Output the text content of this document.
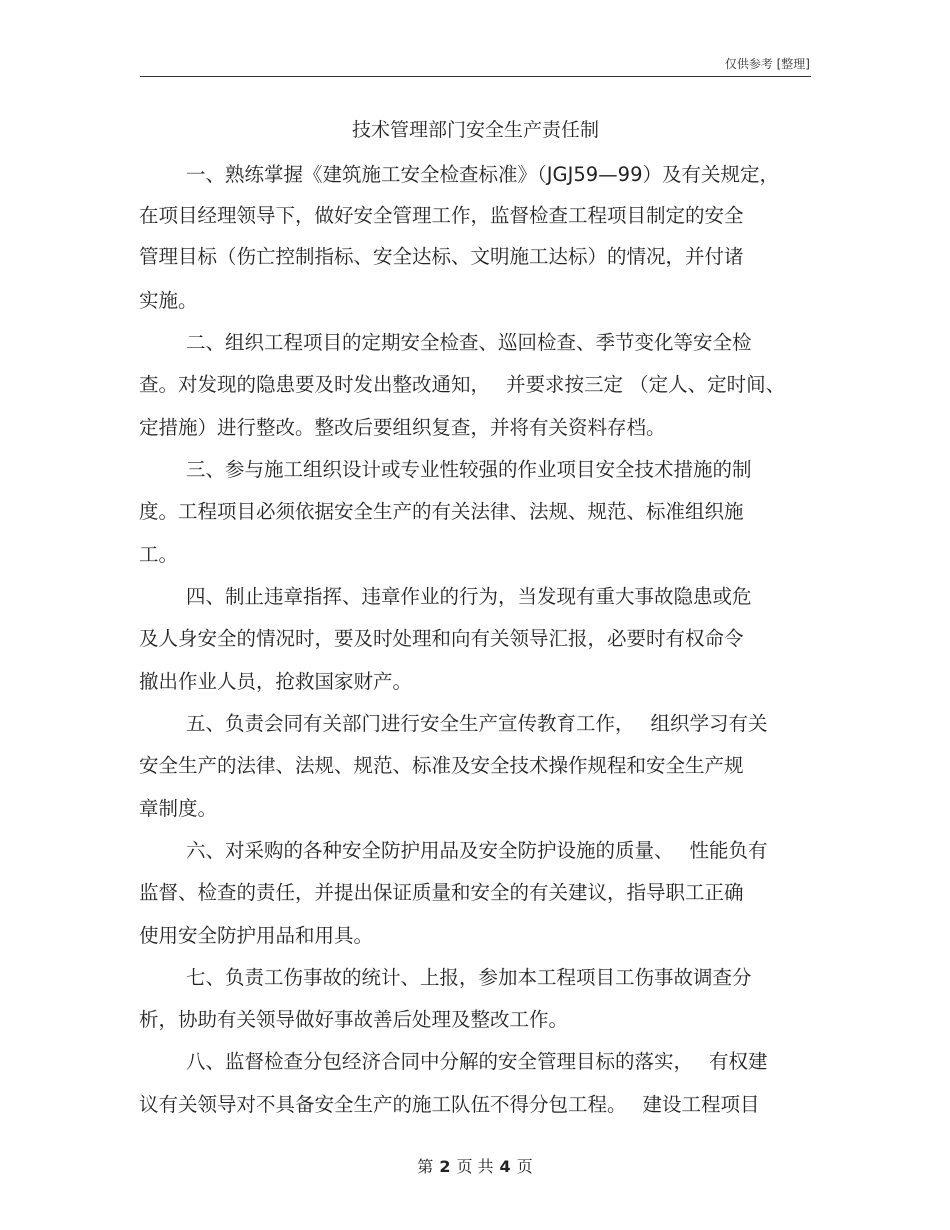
仅供参考 [整理]
技术管理部门安全生产责任制
一、熟练掌握《建筑施工安全检查标准》（JGJ59—99）及有关规定，
在项目经理领导下，做好安全管理工作，监督检查工程项目制定的安全
管理目标（伤亡控制指标、安全达标、文明施工达标）的情况，并付诸
实施。
二、组织工程项目的定期安全检查、巡回检查、季节变化等安全检
查。对发现的隐患要及时发出整改通知，　 并要求按三定 （定人、定时间、
定措施）进行整改。整改后要组织复查，并将有关资料存档。
三、参与施工组织设计或专业性较强的作业项目安全技术措施的制
度。工程项目必须依据安全生产的有关法律、法规、规范、标准组织施
工。
四、制止违章指挥、违章作业的行为，当发现有重大事故隐患或危
及人身安全的情况时，要及时处理和向有关领导汇报，必要时有权命令
撤出作业人员，抢救国家财产。
五、负责会同有关部门进行安全生产宣传教育工作，　 组织学习有关
安全生产的法律、法规、规范、标准及安全技术操作规程和安全生产规
章制度。
六、对采购的各种安全防护用品及安全防护设施的质量、　 性能负有
监督、检查的责任，并提出保证质量和安全的有关建议，指导职工正确
使用安全防护用品和用具。
七、负责工伤事故的统计、上报，参加本工程项目工伤事故调查分
析，协助有关领导做好事故善后处理及整改工作。
八、监督检查分包经济合同中分解的安全管理目标的落实，　 有权建
议有关领导对不具备安全生产的施工队伍不得分包工程。　 建设工程项目
第 2 页 共 4 页
